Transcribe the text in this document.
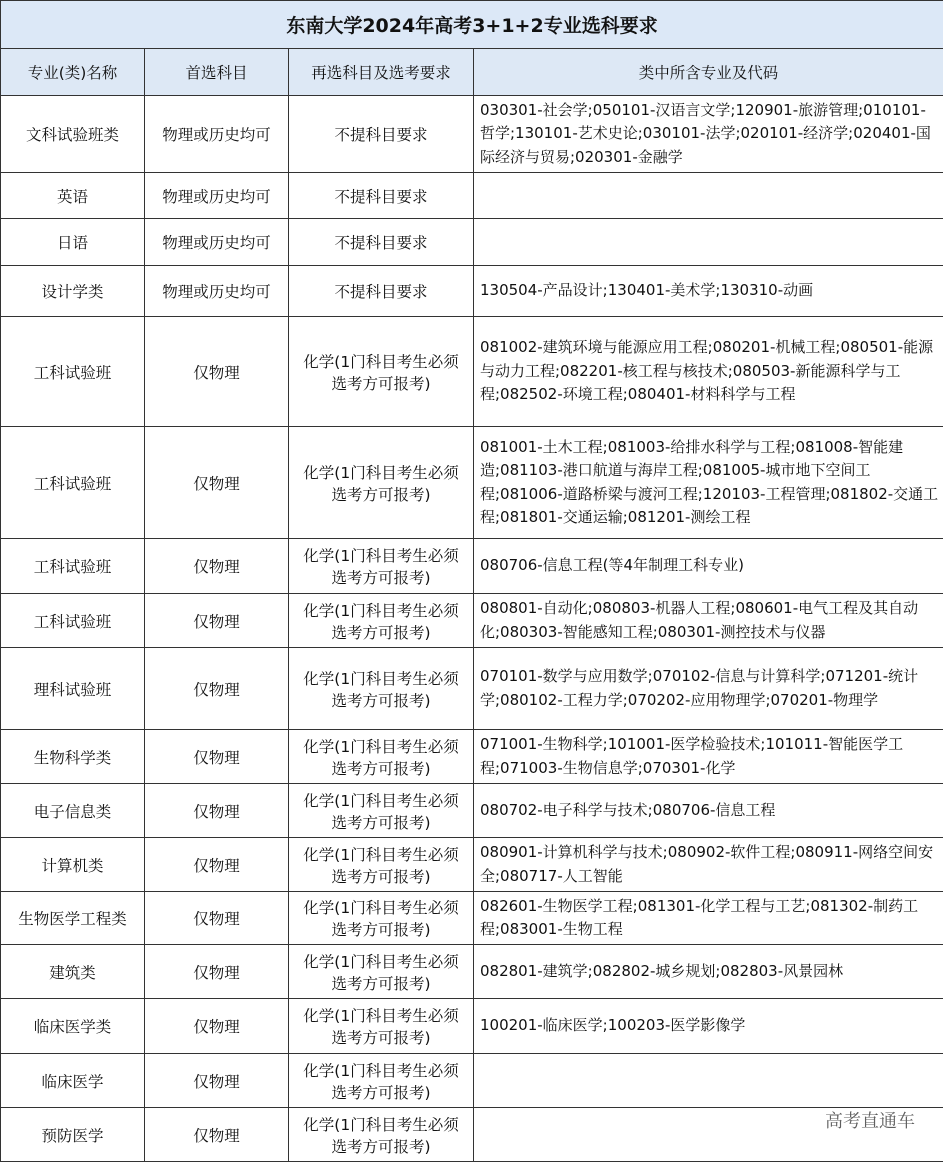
东南大学2024年高考3+1+2专业选科要求			
专业(类)名称	首选科目	再选科目及选考要求	类中所含专业及代码
文科试验班类	物理或历史均可	不提科目要求	030301-社会学;050101-汉语言文学;120901-旅游管理;010101-哲学;130101-艺术史论;030101-法学;020101-经济学;020401-国际经济与贸易;020301-金融学
英语	物理或历史均可	不提科目要求	
日语	物理或历史均可	不提科目要求	
设计学类	物理或历史均可	不提科目要求	130504-产品设计;130401-美术学;130310-动画
工科试验班	仅物理	化学(1门科目考生必须选考方可报考)	081002-建筑环境与能源应用工程;080201-机械工程;080501-能源与动力工程;082201-核工程与核技术;080503-新能源科学与工程;082502-环境工程;080401-材料科学与工程
工科试验班	仅物理	化学(1门科目考生必须选考方可报考)	081001-土木工程;081003-给排水科学与工程;081008-智能建造;081103-港口航道与海岸工程;081005-城市地下空间工程;081006-道路桥梁与渡河工程;120103-工程管理;081802-交通工程;081801-交通运输;081201-测绘工程
工科试验班	仅物理	化学(1门科目考生必须选考方可报考)	080706-信息工程(等4年制理工科专业)
工科试验班	仅物理	化学(1门科目考生必须选考方可报考)	080801-自动化;080803-机器人工程;080601-电气工程及其自动化;080303-智能感知工程;080301-测控技术与仪器
理科试验班	仅物理	化学(1门科目考生必须选考方可报考)	070101-数学与应用数学;070102-信息与计算科学;071201-统计学;080102-工程力学;070202-应用物理学;070201-物理学
生物科学类	仅物理	化学(1门科目考生必须选考方可报考)	071001-生物科学;101001-医学检验技术;101011-智能医学工程;071003-生物信息学;070301-化学
电子信息类	仅物理	化学(1门科目考生必须选考方可报考)	080702-电子科学与技术;080706-信息工程
计算机类	仅物理	化学(1门科目考生必须选考方可报考)	080901-计算机科学与技术;080902-软件工程;080911-网络空间安全;080717-人工智能
生物医学工程类	仅物理	化学(1门科目考生必须选考方可报考)	082601-生物医学工程;081301-化学工程与工艺;081302-制药工程;083001-生物工程
建筑类	仅物理	化学(1门科目考生必须选考方可报考)	082801-建筑学;082802-城乡规划;082803-风景园林
临床医学类	仅物理	化学(1门科目考生必须选考方可报考)	100201-临床医学;100203-医学影像学
临床医学	仅物理	化学(1门科目考生必须选考方可报考)	
预防医学	仅物理	化学(1门科目考生必须选考方可报考)	
高考直通车
